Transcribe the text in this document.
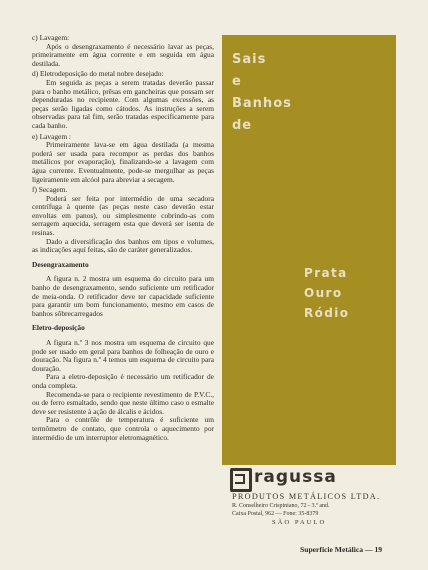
c) Lavagem:

Após o desengraxamento é necessário lavar as peças, primeiramente em água corrente e em seguida em água destilada.

d) Eletrodeposição do metal nobre desejado:

Em seguida as peças a serem tratadas deverão passar para o banho metálico, prêsas em gancheiras que possam ser dependuradas no recipiente. Com algumas excessões, as peças serão ligadas como cátodos. As instruções a serem observadas para tal fim, serão tratadas especificamente para cada banho.

e) Lavagem :

Primeiramente lava-se em água destilada (a mesma poderá ser usada para recompor as perdas dos banhos metálicos por evaporação), finalizando-se a lavagem com água corrente. Eventualmente, pode-se mergulhar as peças ligeiramente em alcóol para abreviar a secagem.

f) Secagem.

Poderá ser feita por intermédio de uma secadora centrífuga à quente (as peças neste caso deverão estar envoltas em panos), ou simplesmente cobrindo-as com serragem aquecida, serragem esta que deverá ser isenta de resinas.

Dado a diversificação dos banhos em tipos e volumes, as indicações aquí feitas, são de caráter generalizados.

Desengraxamento

A figura n. 2 mostra um esquema do circuito para um banho de desengraxamento, sendo suficiente um retificador de meia-onda. O retificador deve ter capacidade suficiente para garantir um bom funcionamento, mesmo em casos de banhos sôbrecarregados

Eletro-deposição

A figura n.º 3 nos mostra um esquema de circuito que pode ser usado em geral para banhos de folheação de ouro e douração. Na figura n.º 4 temos um esquema de circuito para douração.

Para a eletro-deposição é necessário um retificador de onda completa.

Recomenda-se para o recipiente revestimento de P.V.C., ou de ferro esmaltado, sendo que neste último caso o esmalte deve ser resistente à ação de álcalis e ácidos.

Para o contrôle de temperatura é suficiente um termômetro de contato, que controla o aquecimento por intermédio de um interruptor eletromagnético.

Sais
e
Banhos
de
Prata
Ouro
Ródio
ragussa
PRODUTOS METÁLICOS LTDA.
R. Conselheiro Crispiniano, 72 - 3.º and.
Caixa Postal, 962 — Fone: 35-8379
SÃO PAULO
Superficie Metálica — 19
